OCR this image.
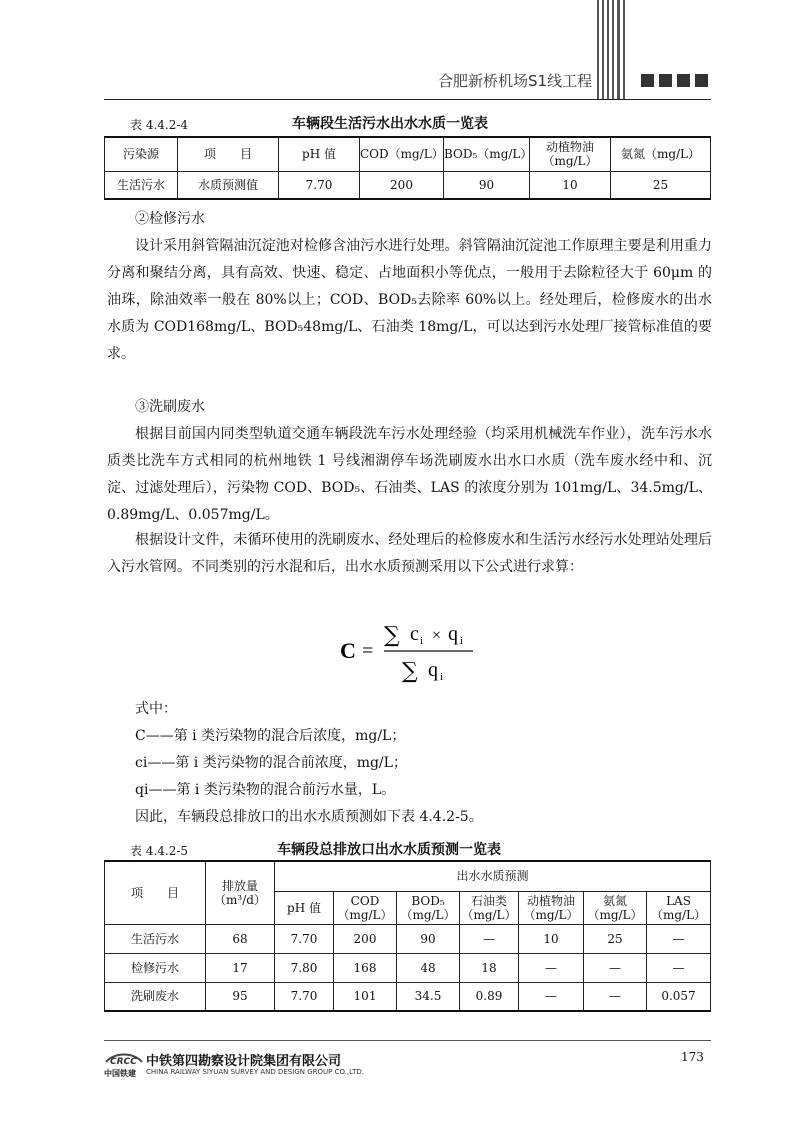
合肥新桥机场S1线工程
表 4.4.2-4	车辆段生活污水出水水质一览表
污染源	项　　目	pH 值	COD（mg/L）	BOD₅（mg/L）	动植物油（mg/L）	氨氮（mg/L）
生活污水	水质预测值	7.70	200	90	10	25
②检修污水

设计采用斜管隔油沉淀池对检修含油污水进行处理。斜管隔油沉淀池工作原理主要是利用重力分离和聚结分离，具有高效、快速、稳定、占地面积小等优点，一般用于去除粒径大于 60μm 的油珠，除油效率一般在 80%以上；COD、BOD₅去除率 60%以上。经处理后，检修废水的出水水质为 COD168mg/L、BOD₅48mg/L、石油类 18mg/L，可以达到污水处理厂接管标准值的要求。

③洗刷废水

根据目前国内同类型轨道交通车辆段洗车污水处理经验（均采用机械洗车作业），洗车污水水质类比洗车方式相同的杭州地铁 1 号线湘湖停车场洗刷废水出水口水质（洗车废水经中和、沉淀、过滤处理后），污染物 COD、BOD₅、石油类、LAS 的浓度分别为 101mg/L、34.5mg/L、0.89mg/L、0.057mg/L。

根据设计文件，未循环使用的洗刷废水、经处理后的检修废水和生活污水经污水处理站处理后入污水管网。不同类别的污水混和后，出水水质预测采用以下公式进行求算：

C =
∑ c i × q i
∑ q i
式中：
C——第 i 类污染物的混合后浓度，mg/L；
ci——第 i 类污染物的混合前浓度，mg/L；
qi——第 i 类污染物的混合前污水量，L。
因此，车辆段总排放口的出水水质预测如下表 4.4.2-5。
表 4.4.2-5	车辆段总排放口出水水质预测一览表
项　　目	排放量（m³/d）	出水水质预测						
		pH 值	COD（mg/L）	BOD₅（mg/L）	石油类（mg/L）	动植物油（mg/L）	氨氮（mg/L）	LAS（mg/L）
生活污水	68	7.70	200	90	—	10	25	—
检修污水	17	7.80	168	48	18	—	—	—
洗刷废水	95	7.70	101	34.5	0.89	—	—	0.057
CRCC
中国铁建
中铁第四勘察设计院集团有限公司
CHINA RAILWAY SIYUAN SURVEY AND DESIGN GROUP CO.,LTD.
173
